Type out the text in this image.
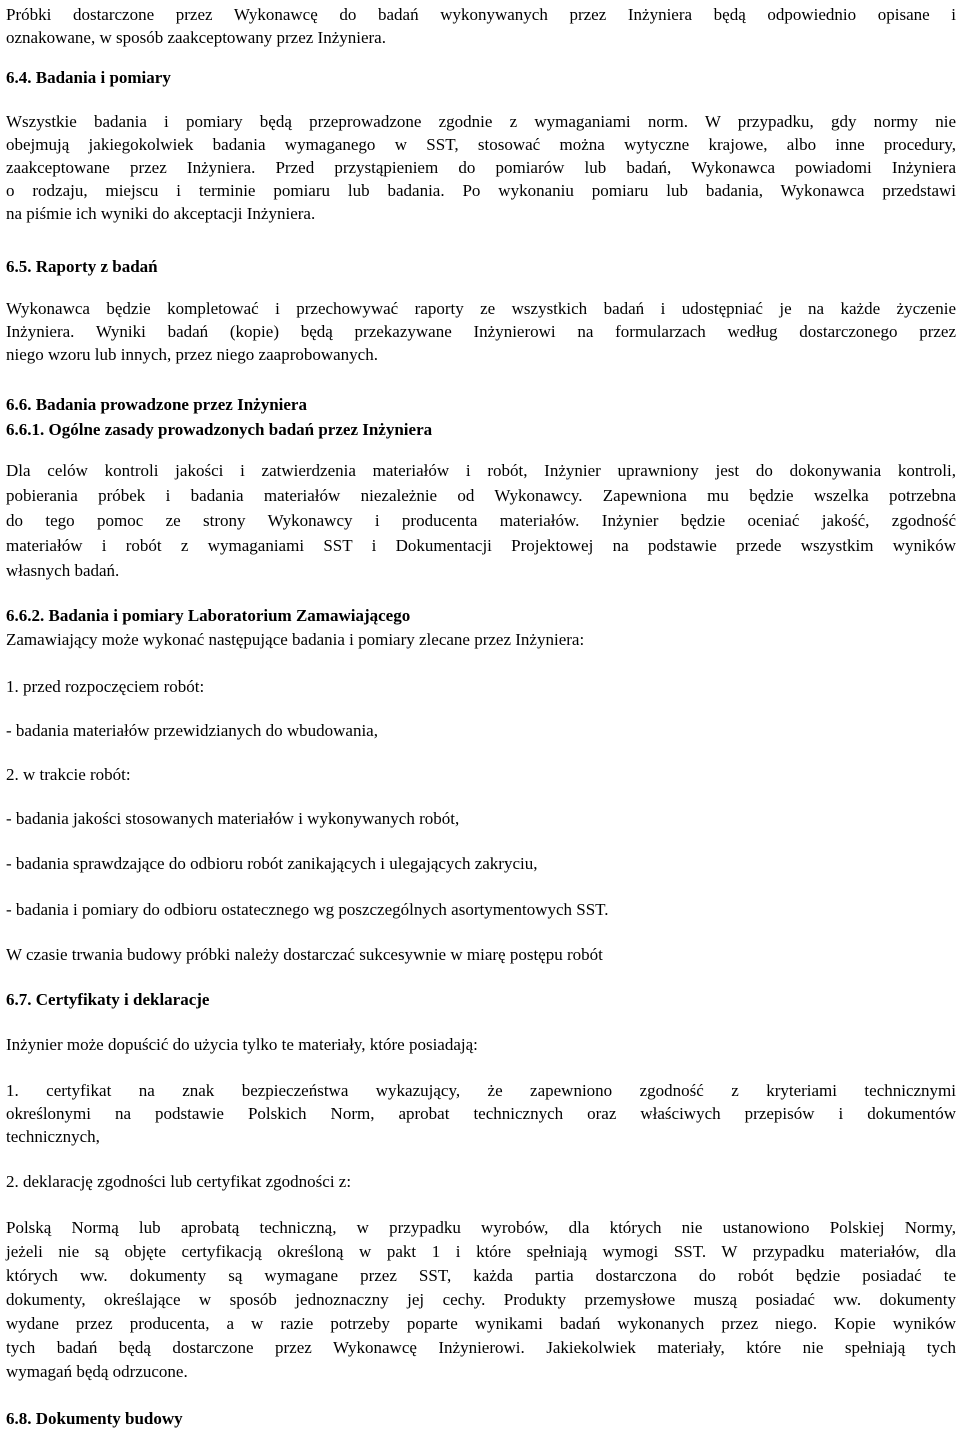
Próbki dostarczone przez Wykonawcę do badań wykonywanych przez Inżyniera będą odpowiednio opisane i
oznakowane, w sposób zaakceptowany przez Inżyniera.
6.4. Badania i pomiary
Wszystkie badania i pomiary będą przeprowadzone zgodnie z wymaganiami norm. W przypadku, gdy normy nie
obejmują jakiegokolwiek badania wymaganego w SST, stosować można wytyczne krajowe, albo inne procedury,
zaakceptowane przez Inżyniera. Przed przystąpieniem do pomiarów lub badań, Wykonawca powiadomi Inżyniera
o rodzaju, miejscu i terminie pomiaru lub badania. Po wykonaniu pomiaru lub badania, Wykonawca przedstawi
na piśmie ich wyniki do akceptacji Inżyniera.
6.5. Raporty z badań
Wykonawca będzie kompletować i przechowywać raporty ze wszystkich badań i udostępniać je na każde życzenie
Inżyniera. Wyniki badań (kopie) będą przekazywane Inżynierowi na formularzach według dostarczonego przez
niego wzoru lub innych, przez niego zaaprobowanych.
6.6. Badania prowadzone przez Inżyniera
6.6.1. Ogólne zasady prowadzonych badań przez Inżyniera
Dla celów kontroli jakości i zatwierdzenia materiałów i robót, Inżynier uprawniony jest do dokonywania kontroli,
pobierania próbek i badania materiałów niezależnie od Wykonawcy. Zapewniona mu będzie wszelka potrzebna
do tego pomoc ze strony Wykonawcy i producenta materiałów. Inżynier będzie oceniać jakość, zgodność
materiałów i robót z wymaganiami SST i Dokumentacji Projektowej na podstawie przede wszystkim wyników
własnych badań.
6.6.2. Badania i pomiary Laboratorium Zamawiającego
Zamawiający może wykonać następujące badania i pomiary zlecane przez Inżyniera:
1. przed rozpoczęciem robót:
- badania materiałów przewidzianych do wbudowania,
2. w trakcie robót:
- badania jakości stosowanych materiałów i wykonywanych robót,
- badania sprawdzające do odbioru robót zanikających i ulegających zakryciu,
- badania i pomiary do odbioru ostatecznego wg poszczególnych asortymentowych SST.
W czasie trwania budowy próbki należy dostarczać sukcesywnie w miarę postępu robót
6.7. Certyfikaty i deklaracje
Inżynier może dopuścić do użycia tylko te materiały, które posiadają:
1. certyfikat na znak bezpieczeństwa wykazujący, że zapewniono zgodność z kryteriami technicznymi
określonymi na podstawie Polskich Norm, aprobat technicznych oraz właściwych przepisów i dokumentów
technicznych,
2. deklarację zgodności lub certyfikat zgodności z:
Polską Normą lub aprobatą techniczną, w przypadku wyrobów, dla których nie ustanowiono Polskiej Normy,
jeżeli nie są objęte certyfikacją określoną w pakt 1 i które spełniają wymogi SST. W przypadku materiałów, dla
których ww. dokumenty są wymagane przez SST, każda partia dostarczona do robót będzie posiadać te
dokumenty, określające w sposób jednoznaczny jej cechy. Produkty przemysłowe muszą posiadać ww. dokumenty
wydane przez producenta, a w razie potrzeby poparte wynikami badań wykonanych przez niego. Kopie wyników
tych badań będą dostarczone przez Wykonawcę Inżynierowi. Jakiekolwiek materiały, które nie spełniają tych
wymagań będą odrzucone.
6.8. Dokumenty budowy
